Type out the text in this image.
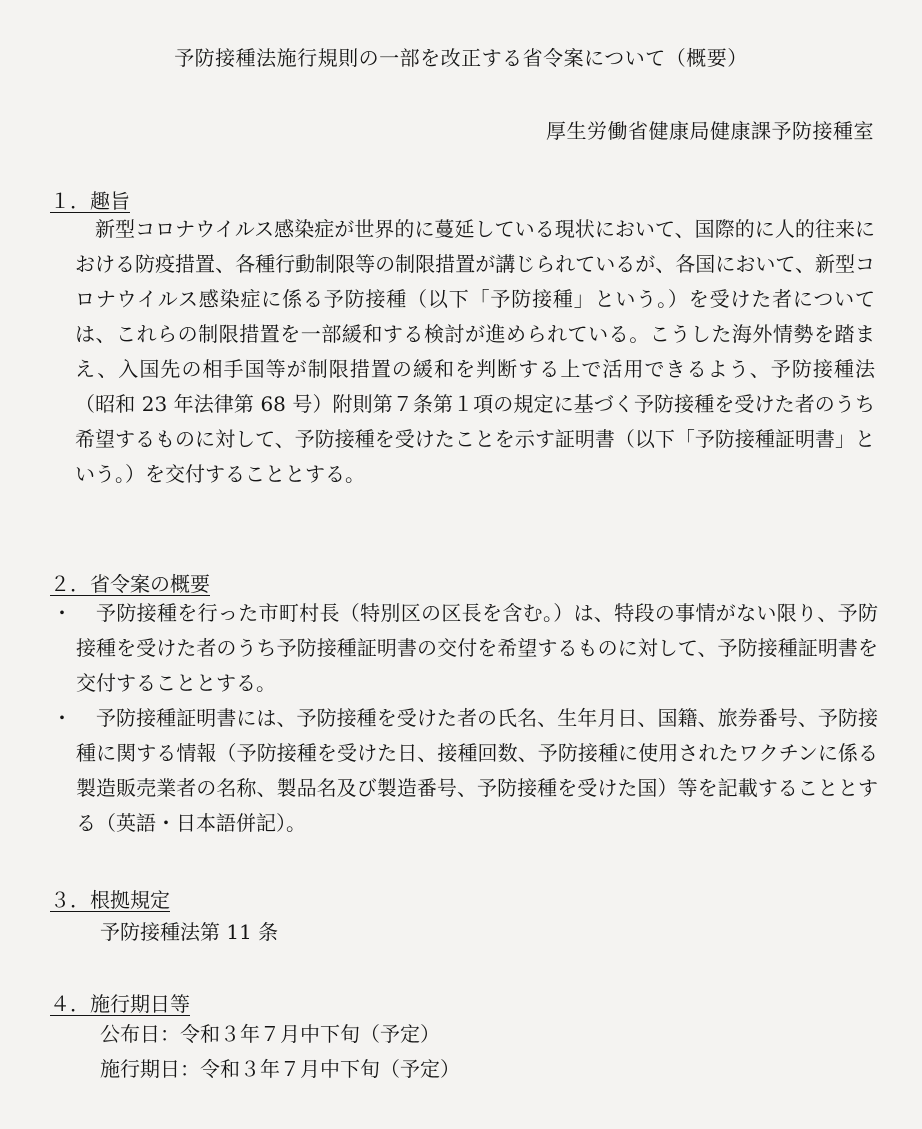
予防接種法施行規則の一部を改正する省令案について（概要）
厚生労働省健康局健康課予防接種室
１．趣旨
新型コロナウイルス感染症が世界的に蔓延している現状において、国際的に人的往来における防疫措置、各種行動制限等の制限措置が講じられているが、各国において、新型コロナウイルス感染症に係る予防接種（以下「予防接種」という。）を受けた者については、これらの制限措置を一部緩和する検討が進められている。こうした海外情勢を踏まえ、入国先の相手国等が制限措置の緩和を判断する上で活用できるよう、予防接種法（昭和 23 年法律第 68 号）附則第７条第１項の規定に基づく予防接種を受けた者のうち希望するものに対して、予防接種を受けたことを示す証明書（以下「予防接種証明書」という。）を交付することとする。
２．省令案の概要
・	予防接種を行った市町村長（特別区の区長を含む。）は、特段の事情がない限り、予防接種を受けた者のうち予防接種証明書の交付を希望するものに対して、予防接種証明書を交付することとする。
・	予防接種証明書には、予防接種を受けた者の氏名、生年月日、国籍、旅券番号、予防接種に関する情報（予防接種を受けた日、接種回数、予防接種に使用されたワクチンに係る製造販売業者の名称、製品名及び製造番号、予防接種を受けた国）等を記載することとする（英語・日本語併記）。
３．根拠規定
予防接種法第 11 条
４．施行期日等
公布日：令和３年７月中下旬（予定）
施行期日：令和３年７月中下旬（予定）
